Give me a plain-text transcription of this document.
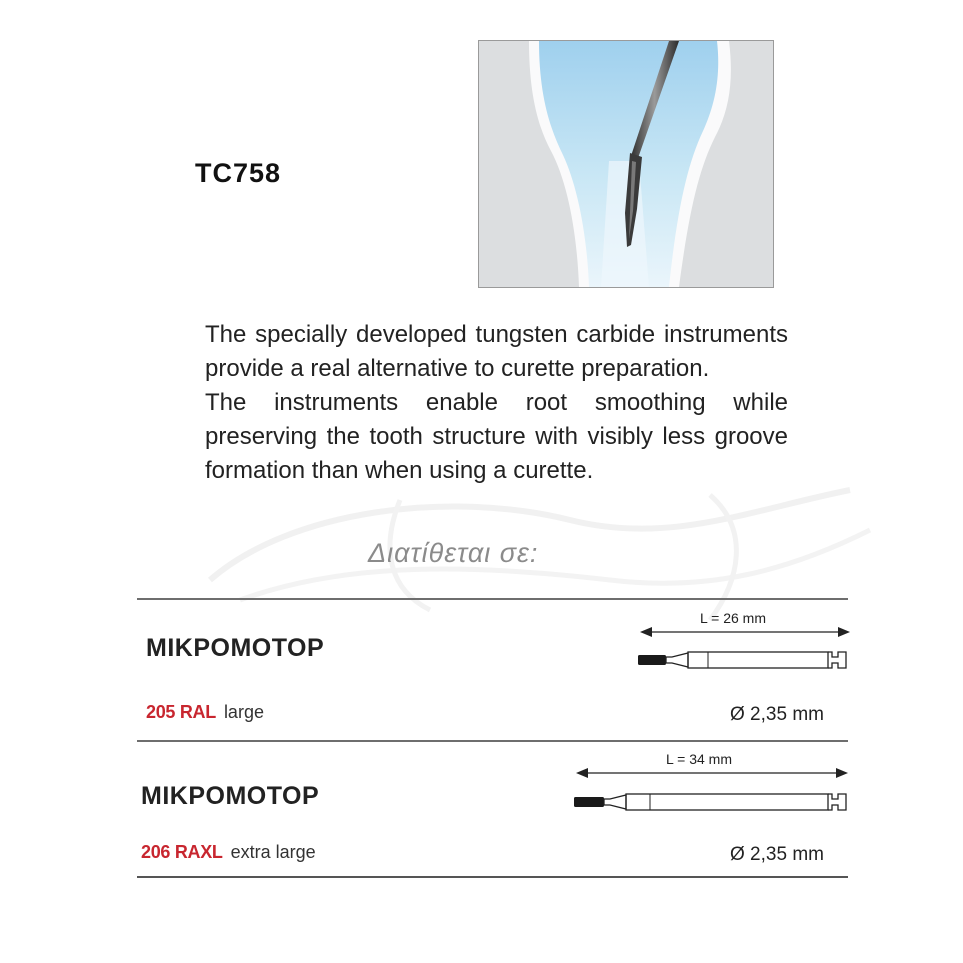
TC758

The specially developed tungsten carbide instruments provide a real alternative to curette preparation.

The instruments enable root smoothing while preserving the tooth structure with visibly less groove formation than when using a curette.

Διατίθεται σε:
ΜΙΚΡΟΜΟΤΟΡ
205 RAL large
L = 26 mm
Ø 2,35 mm
ΜΙΚΡΟΜΟΤΟΡ
206 RAXL extra large
L = 34 mm
Ø 2,35 mm
